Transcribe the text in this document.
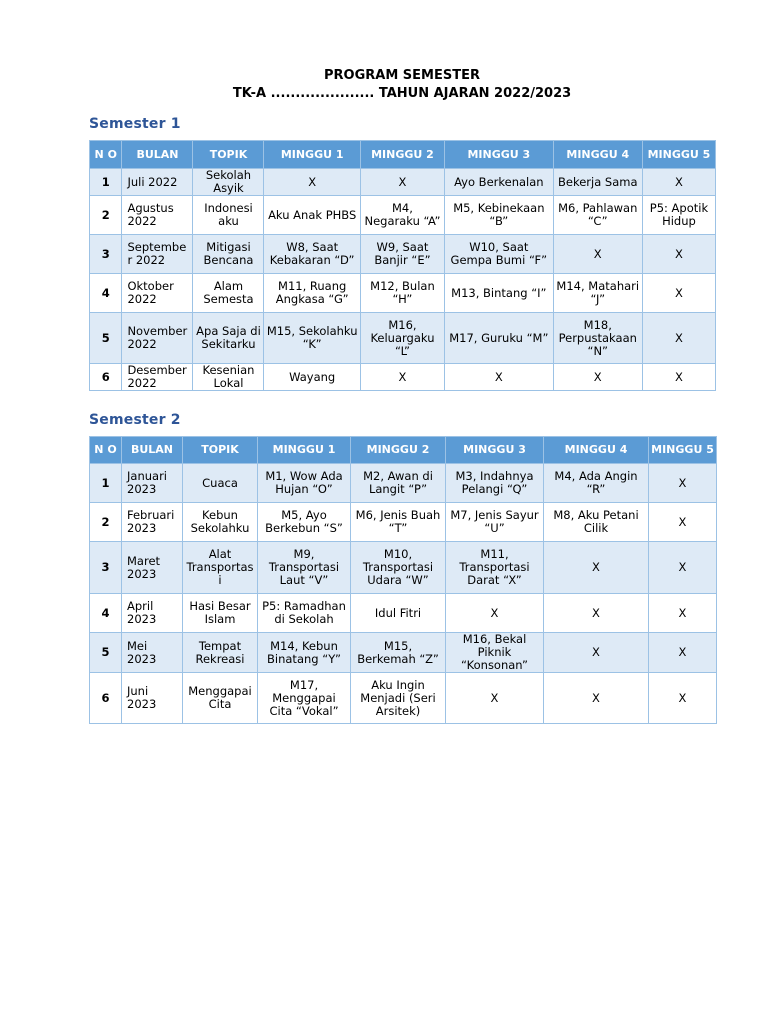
PROGRAM SEMESTER
TK-A ..................... TAHUN AJARAN 2022/2023
Semester 1
N O	BULAN	TOPIK	MINGGU 1	MINGGU 2	MINGGU 3	MINGGU 4	MINGGU 5
1	Juli 2022	Sekolah Asyik	X	X	Ayo Berkenalan	Bekerja Sama	X
2	Agustus 2022	Indonesi aku	Aku Anak PHBS	M4, Negaraku “A”	M5, Kebinekaan “B”	M6, Pahlawan “C”	P5: Apotik Hidup
3	September 2022	Mitigasi Bencana	W8, Saat Kebakaran “D”	W9, Saat Banjir “E”	W10, Saat Gempa Bumi “F”	X	X
4	Oktober 2022	Alam Semesta	M11, Ruang Angkasa “G”	M12, Bulan “H”	M13, Bintang “I”	M14, Matahari “J”	X
5	November 2022	Apa Saja di Sekitarku	M15, Sekolahku “K”	M16, Keluargaku “L”	M17, Guruku “M”	M18, Perpustakaan “N”	X
6	Desember 2022	Kesenian Lokal	Wayang	X	X	X	X
Semester 2
N O	BULAN	TOPIK	MINGGU 1	MINGGU 2	MINGGU 3	MINGGU 4	MINGGU 5
1	Januari 2023	Cuaca	M1, Wow Ada Hujan “O”	M2, Awan di Langit “P”	M3, Indahnya Pelangi “Q”	M4, Ada Angin “R”	X
2	Februari 2023	Kebun Sekolahku	M5, Ayo Berkebun “S”	M6, Jenis Buah “T”	M7, Jenis Sayur “U”	M8, Aku Petani Cilik	X
3	Maret 2023	Alat Transportasi	M9, Transportasi Laut “V”	M10, Transportasi Udara “W”	M11, Transportasi Darat “X”	X	X
4	April 2023	Hasi Besar Islam	P5: Ramadhan di Sekolah	Idul Fitri	X	X	X
5	Mei 2023	Tempat Rekreasi	M14, Kebun Binatang “Y”	M15, Berkemah “Z”	M16, Bekal Piknik “Konsonan”	X	X
6	Juni 2023	Menggapai Cita	M17, Menggapai Cita “Vokal”	Aku Ingin Menjadi (Seri Arsitek)	X	X	X
